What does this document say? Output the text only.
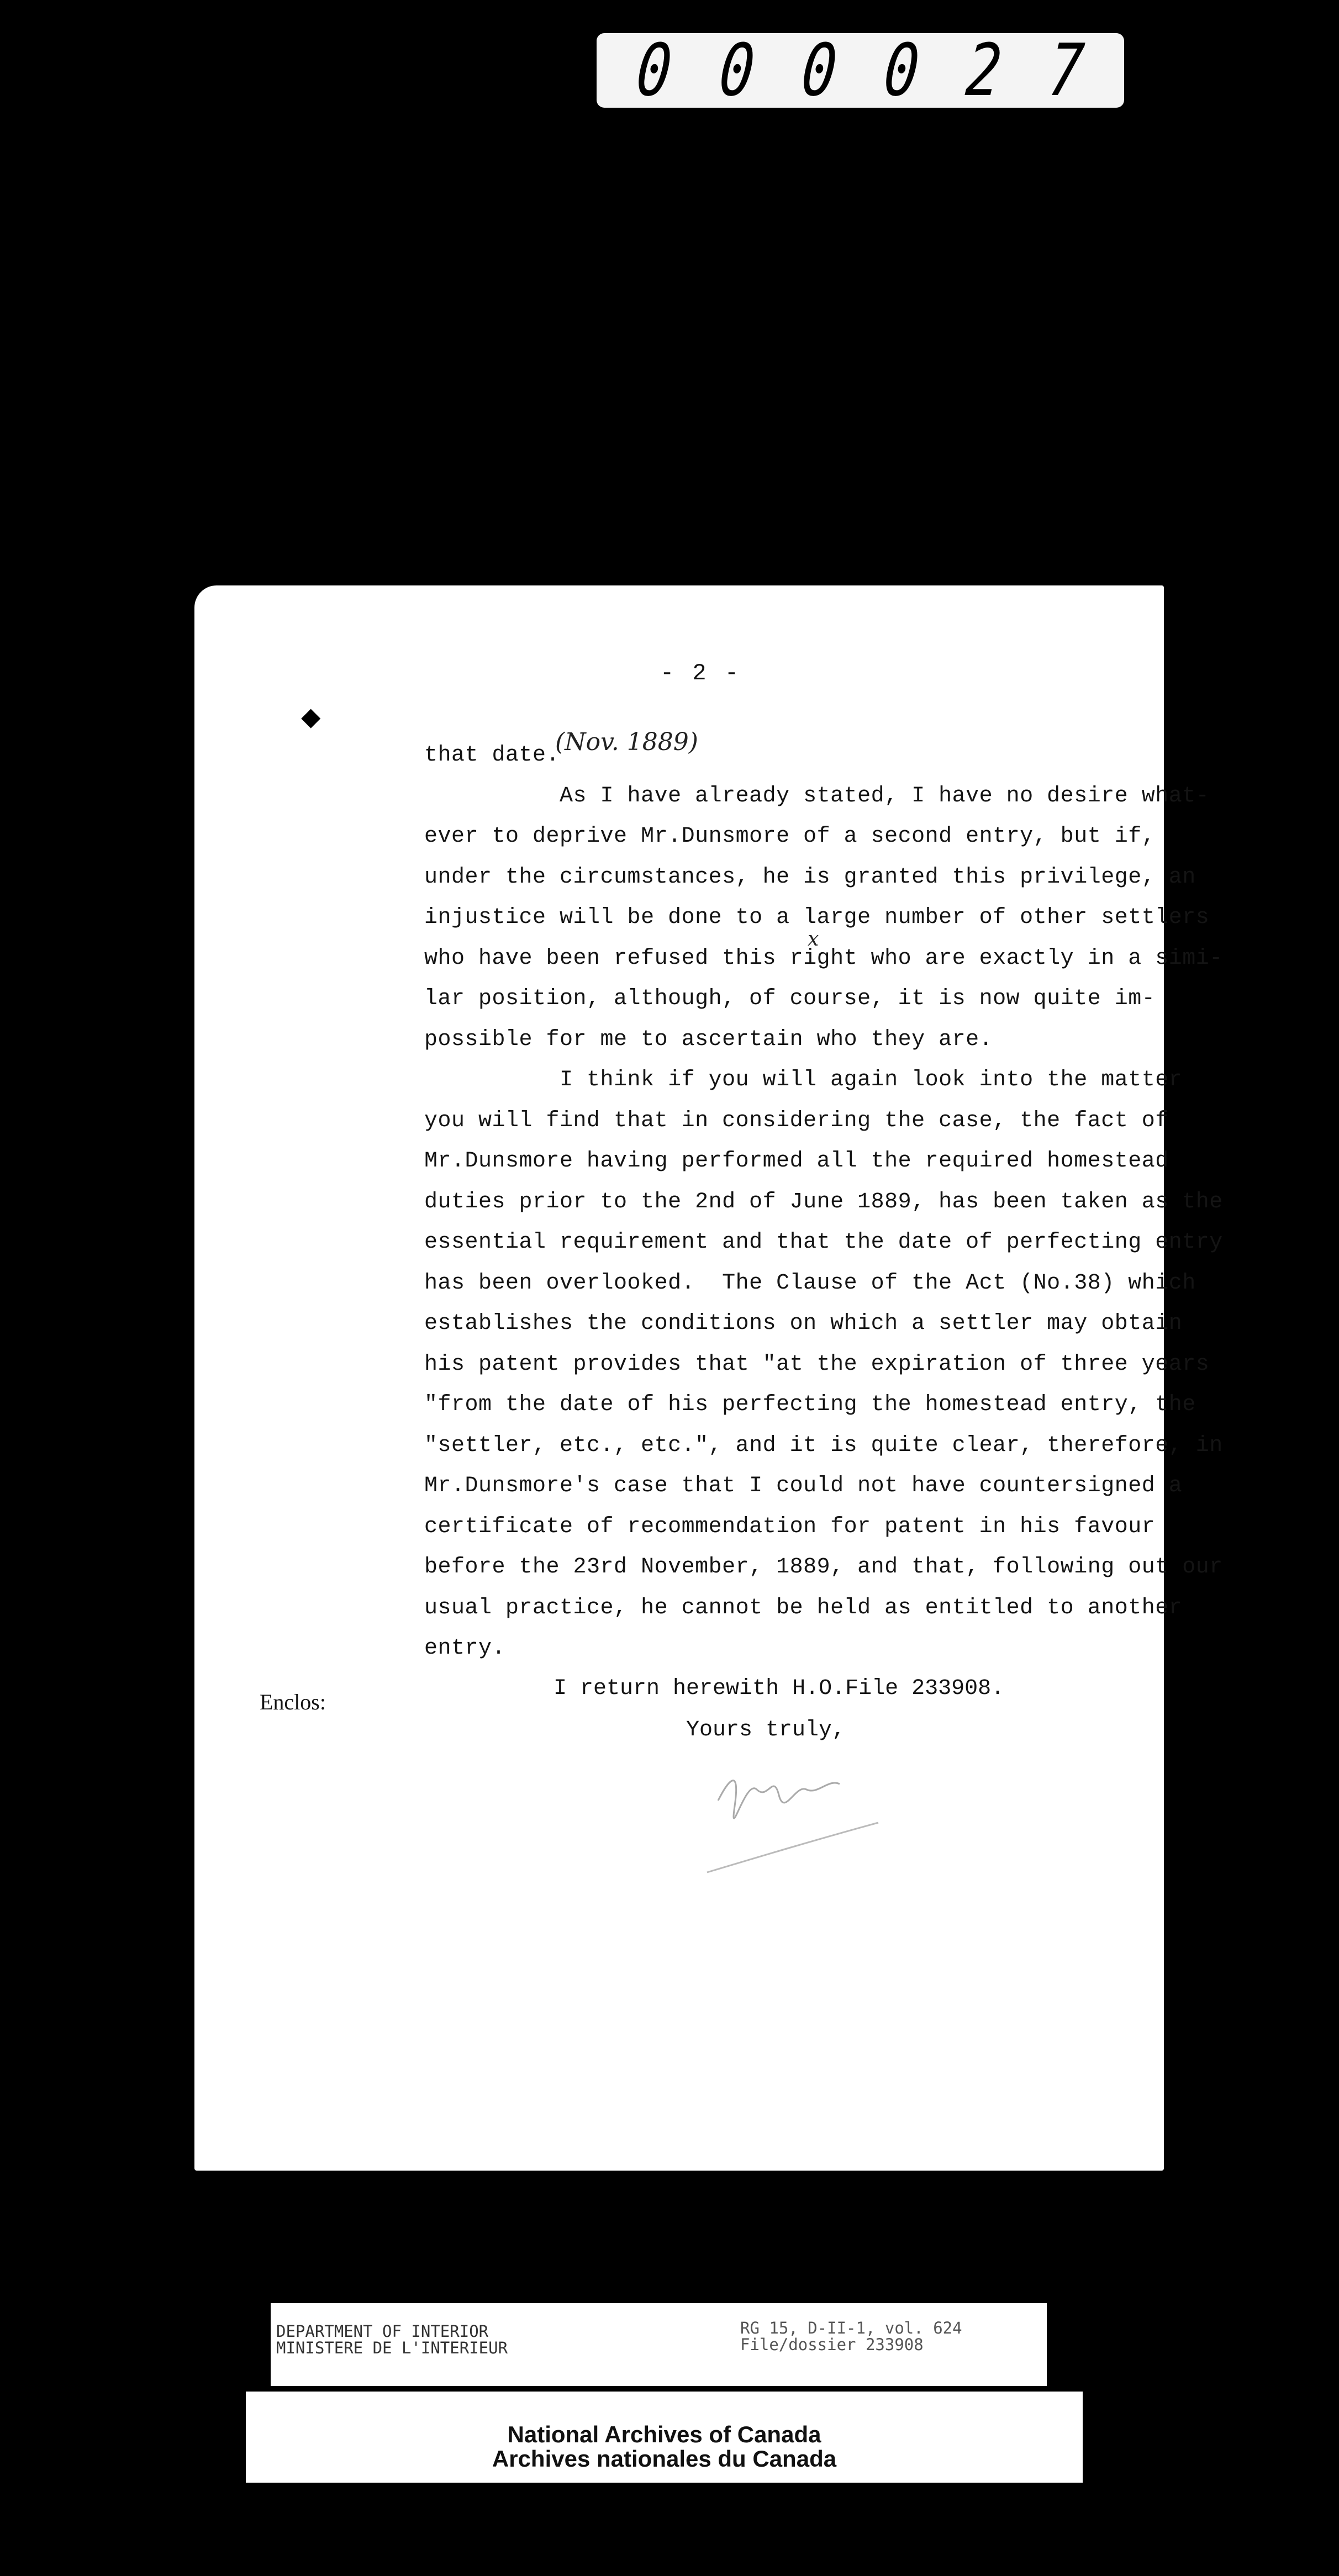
0 0 0 0 2 7
- 2 -
◆
that date.
As I have already stated, I have no desire what-
ever to deprive Mr.Dunsmore of a second entry, but if,
under the circumstances, he is granted this privilege, an
injustice will be done to a large number of other settlers
who have been refused this right who are exactly in a simi-
lar position, although, of course, it is now quite im-
possible for me to ascertain who they are.
I think if you will again look into the matter
you will find that in considering the case, the fact of
Mr.Dunsmore having performed all the required homestead
duties prior to the 2nd of June 1889, has been taken as the
essential requirement and that the date of perfecting entry
has been overlooked.  The Clause of the Act (No.38) which
establishes the conditions on which a settler may obtain
his patent provides that "at the expiration of three years
"from the date of his perfecting the homestead entry, the
"settler, etc., etc.", and it is quite clear, therefore, in
Mr.Dunsmore's case that I could not have countersigned a
certificate of recommendation for patent in his favour
before the 23rd November, 1889, and that, following out our
usual practice, he cannot be held as entitled to another
entry.
(Nov. 1889)
x
Enclos:
I return herewith H.O.File 233908.
Yours truly,
DEPARTMENT OF INTERIOR
MINISTERE DE L'INTERIEUR
RG 15, D-II-1, vol. 624
File/dossier 233908
National Archives of Canada
Archives nationales du Canada
